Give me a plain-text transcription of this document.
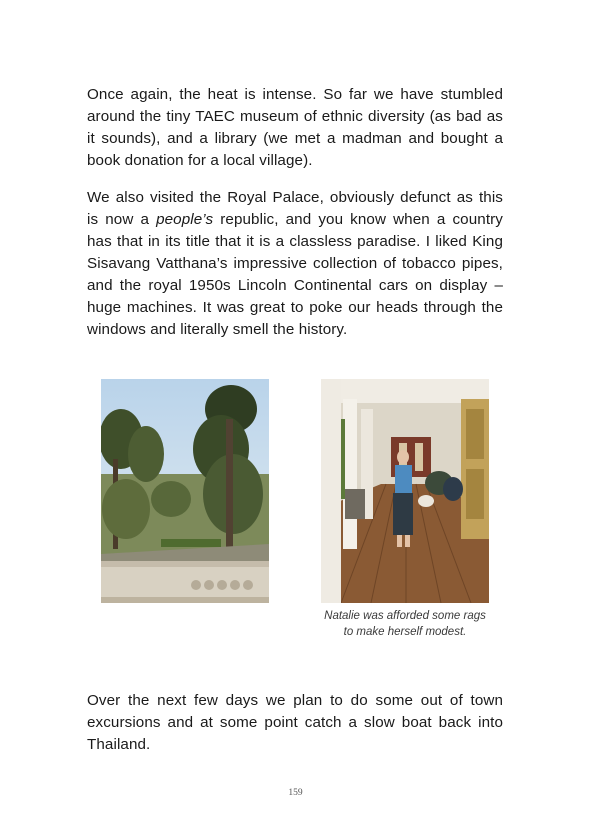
Once again, the heat is intense. So far we have stumbled around the tiny TAEC museum of ethnic diversity (as bad as it sounds), and a library (we met a madman and bought a book donation for a local village).

We also visited the Royal Palace, obviously defunct as this is now a people’s republic, and you know when a country has that in its title that it is a classless paradise. I liked King Sisavang Vatthana’s impressive collection of tobacco pipes, and the royal 1950s Lincoln Continental cars on display – huge machines. It was great to poke our heads through the windows and literally smell the history.

Natalie was afforded some rags
to make herself modest.

Over the next few days we plan to do some out of town excursions and at some point catch a slow boat back into Thailand.

159
